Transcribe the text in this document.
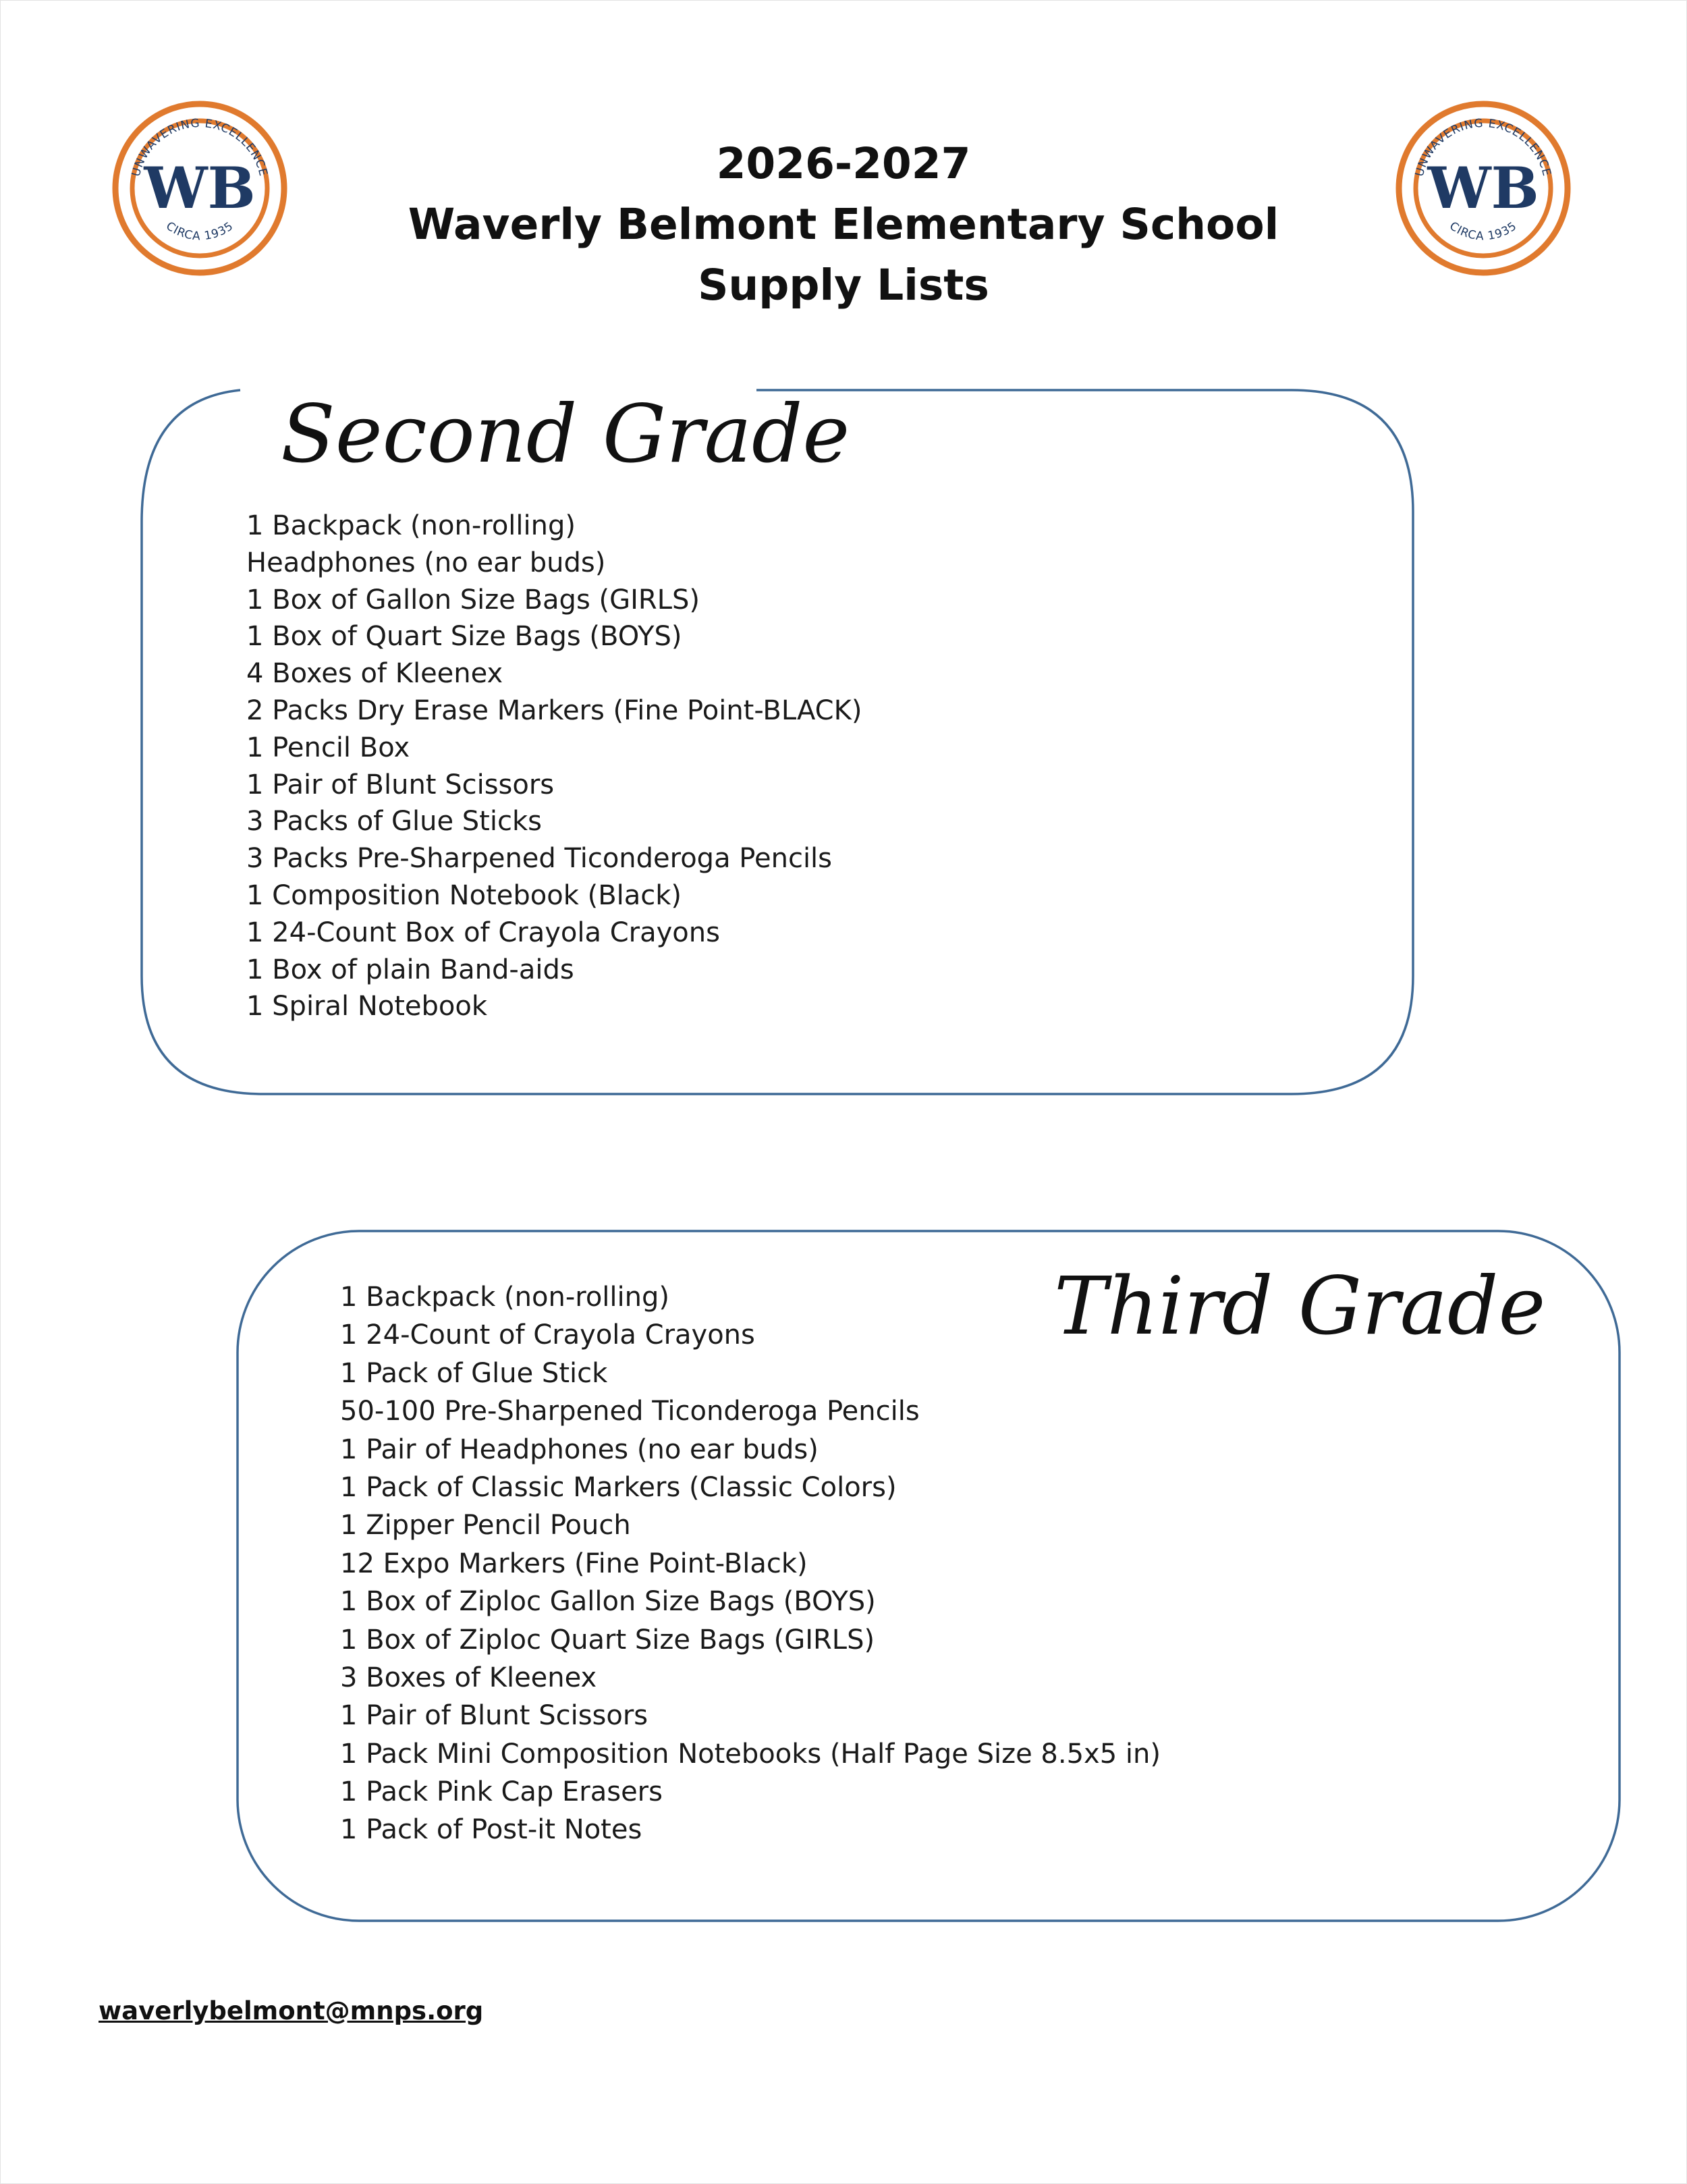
UNWAVERING EXCELLENCE
CIRCA 1935
WB	UNWAVERING EXCELLENCE
CIRCA 1935
WB
2026-2027
Waverly Belmont Elementary School
Supply Lists
Second Grade
1 Backpack (non-rolling)
Headphones (no ear buds)
1 Box of Gallon Size Bags (GIRLS)
1 Box of Quart Size Bags (BOYS)
4 Boxes of Kleenex
2 Packs Dry Erase Markers (Fine Point-BLACK)
1 Pencil Box
1 Pair of Blunt Scissors
3 Packs of Glue Sticks
3 Packs Pre-Sharpened Ticonderoga Pencils
1 Composition Notebook (Black)
1 24-Count Box of Crayola Crayons
1 Box of plain Band-aids
1 Spiral Notebook
Third Grade
1 Backpack (non-rolling)
1 24-Count of Crayola Crayons
1 Pack of Glue Stick
50-100 Pre-Sharpened Ticonderoga Pencils
1 Pair of Headphones (no ear buds)
1 Pack of Classic Markers (Classic Colors)
1 Zipper Pencil Pouch
12 Expo Markers (Fine Point-Black)
1 Box of Ziploc Gallon Size Bags (BOYS)
1 Box of Ziploc Quart Size Bags (GIRLS)
3 Boxes of Kleenex
1 Pair of Blunt Scissors
1 Pack Mini Composition Notebooks (Half Page Size 8.5x5 in)
1 Pack Pink Cap Erasers
1 Pack of Post-it Notes
waverlybelmont@mnps.org
